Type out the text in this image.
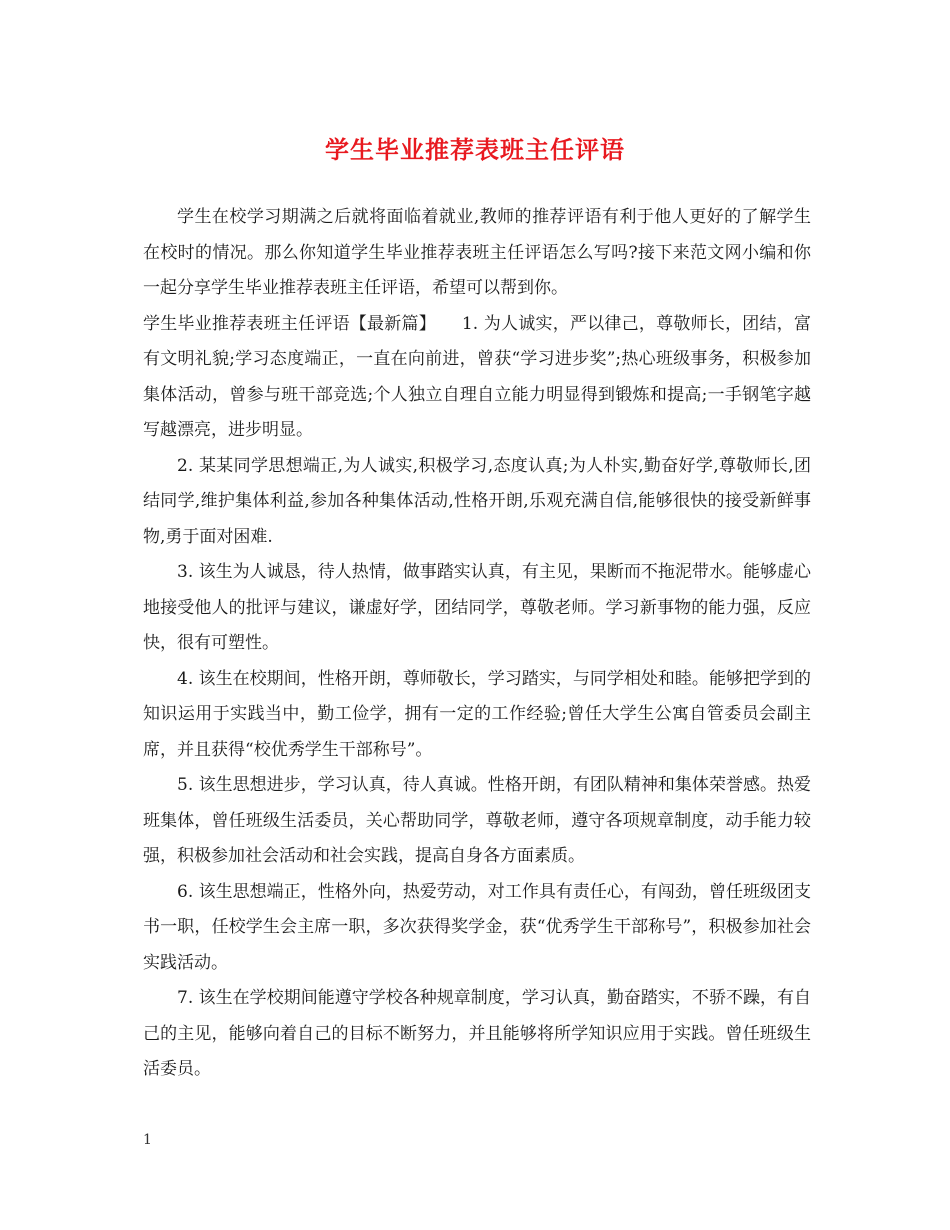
学生毕业推荐表班主任评语

学生在校学习期满之后就将面临着就业,教师的推荐评语有利于他人更好的了解学生在校时的情况。那么你知道学生毕业推荐表班主任评语怎么写吗?接下来范文网小编和你一起分享学生毕业推荐表班主任评语，希望可以帮到你。

学生毕业推荐表班主任评语【最新篇】　　1. 为人诚实，严以律己，尊敬师长，团结，富有文明礼貌;学习态度端正，一直在向前进，曾获“学习进步奖”;热心班级事务，积极参加集体活动，曾参与班干部竞选;个人独立自理自立能力明显得到锻炼和提高;一手钢笔字越写越漂亮，进步明显。

2. 某某同学思想端正,为人诚实,积极学习,态度认真;为人朴实,勤奋好学,尊敬师长,团结同学,维护集体利益,参加各种集体活动,性格开朗,乐观充满自信,能够很快的接受新鲜事物,勇于面对困难.

3. 该生为人诚恳，待人热情，做事踏实认真，有主见，果断而不拖泥带水。能够虚心地接受他人的批评与建议，谦虚好学，团结同学，尊敬老师。学习新事物的能力强，反应快，很有可塑性。

4. 该生在校期间，性格开朗，尊师敬长，学习踏实，与同学相处和睦。能够把学到的知识运用于实践当中，勤工俭学，拥有一定的工作经验;曾任大学生公寓自管委员会副主席，并且获得“校优秀学生干部称号”。

5. 该生思想进步，学习认真，待人真诚。性格开朗，有团队精神和集体荣誉感。热爱班集体，曾任班级生活委员，关心帮助同学，尊敬老师，遵守各项规章制度，动手能力较强，积极参加社会活动和社会实践，提高自身各方面素质。

6. 该生思想端正，性格外向，热爱劳动，对工作具有责任心，有闯劲，曾任班级团支书一职，任校学生会主席一职，多次获得奖学金，获“优秀学生干部称号”，积极参加社会实践活动。

7. 该生在学校期间能遵守学校各种规章制度，学习认真，勤奋踏实，不骄不躁，有自己的主见，能够向着自己的目标不断努力，并且能够将所学知识应用于实践。曾任班级生活委员。

1
